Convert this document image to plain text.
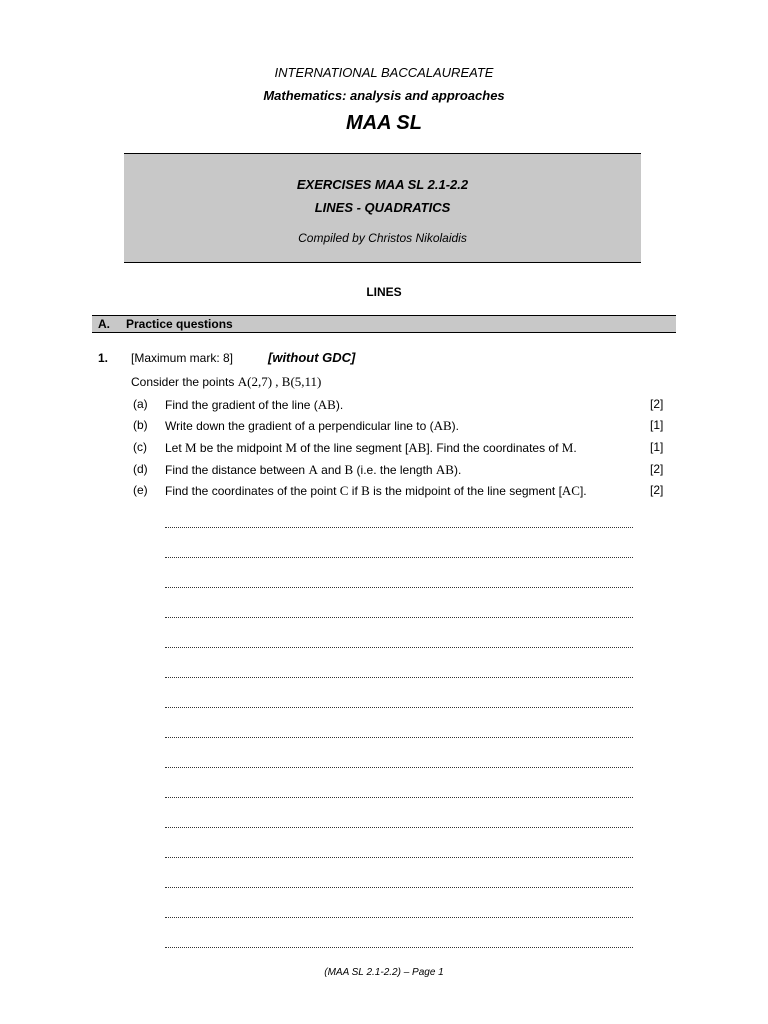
INTERNATIONAL BACCALAUREATE
Mathematics: analysis and approaches
MAA SL
EXERCISES MAA SL 2.1-2.2
LINES - QUADRATICS
Compiled by Christos Nikolaidis
LINES
A. Practice questions
1. [Maximum mark: 8]	[without GDC]
Consider the points A(2,7) , B(5,11)
(a) Find the gradient of the line (AB).	[2]
(b) Write down the gradient of a perpendicular line to (AB).	[1]
(c) Let M be the midpoint M of the line segment [AB]. Find the coordinates of M.	[1]
(d) Find the distance between A and B (i.e. the length AB).	[2]
(e) Find the coordinates of the point C if B is the midpoint of the line segment [AC].	[2]
(MAA SL 2.1-2.2) – Page 1
